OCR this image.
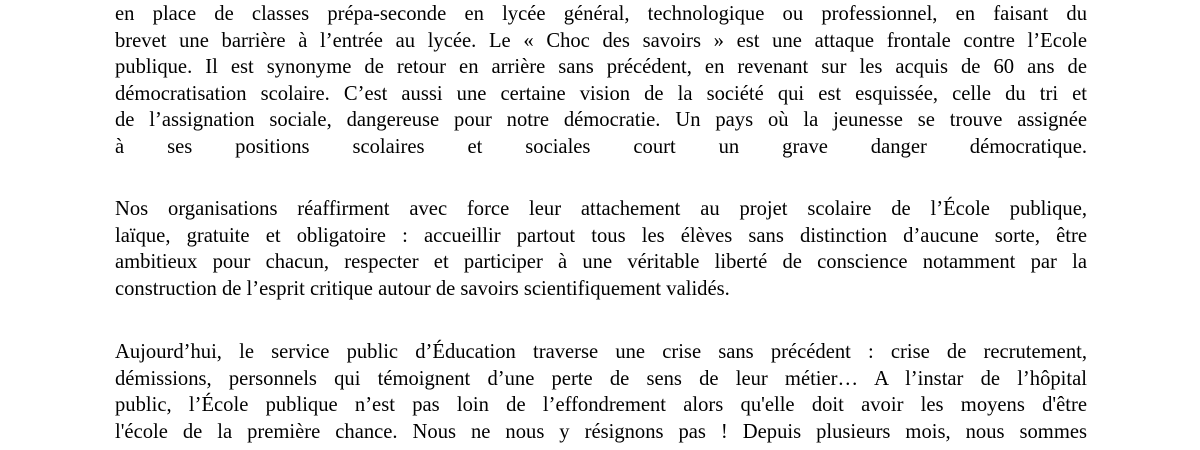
en place de classes prépa-seconde en lycée général, technologique ou professionnel, en faisant du
brevet une barrière à l’entrée au lycée. Le « Choc des savoirs » est une attaque frontale contre l’Ecole
publique. Il est synonyme de retour en arrière sans précédent, en revenant sur les acquis de 60 ans de
démocratisation scolaire. C’est aussi une certaine vision de la société qui est esquissée, celle du tri et
de l’assignation sociale, dangereuse pour notre démocratie. Un pays où la jeunesse se trouve assignée
à ses positions scolaires et sociales court un grave danger démocratique.
Nos organisations réaffirment avec force leur attachement au projet scolaire de l’École publique,
laïque, gratuite et obligatoire : accueillir partout tous les élèves sans distinction d’aucune sorte, être
ambitieux pour chacun, respecter et participer à une véritable liberté de conscience notamment par la
construction de l’esprit critique autour de savoirs scientifiquement validés.
Aujourd’hui, le service public d’Éducation traverse une crise sans précédent : crise de recrutement,
démissions, personnels qui témoignent d’une perte de sens de leur métier… A l’instar de l’hôpital
public, l’École publique n’est pas loin de l’effondrement alors qu'elle doit avoir les moyens d'être
l'école de la première chance. Nous ne nous y résignons pas ! Depuis plusieurs mois, nous sommes
